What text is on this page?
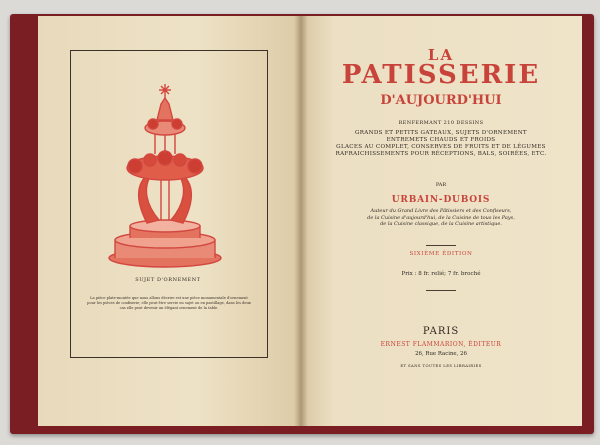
SUJET D'ORNEMENT
La pièce plate-montée que nous allons décrire est une pièce monumentale d'ornement pour les pièces de confiserie; elle peut être servie en sujet ou en pastillage, dans les deux cas elle peut devenir un élégant ornement de la table.
LA
PATISSERIE
D'AUJOURD'HUI
RENFERMANT 210 DESSINS
GRANDS ET PETITS GATEAUX, SUJETS D'ORNEMENT
ENTREMETS CHAUDS ET FROIDS
GLACES AU COMPLET, CONSERVES DE FRUITS ET DE LÉGUMES
RAFRAICHISSEMENTS POUR RÉCEPTIONS, BALS, SOIRÉES, ETC.
PAR
URBAIN-DUBOIS
Auteur du Grand Livre des Pâtissiers et des Confiseurs,
de la Cuisine d'aujourd'hui, de la Cuisine de tous les Pays,
de la Cuisine classique, de la Cuisine artistique.
SIXIÈME ÉDITION
Prix : 8 fr. relié; 7 fr. broché
PARIS
ERNEST FLAMMARION, ÉDITEUR
26, Rue Racine, 26
ET SANS TOUTES LES LIBRAIRIES
